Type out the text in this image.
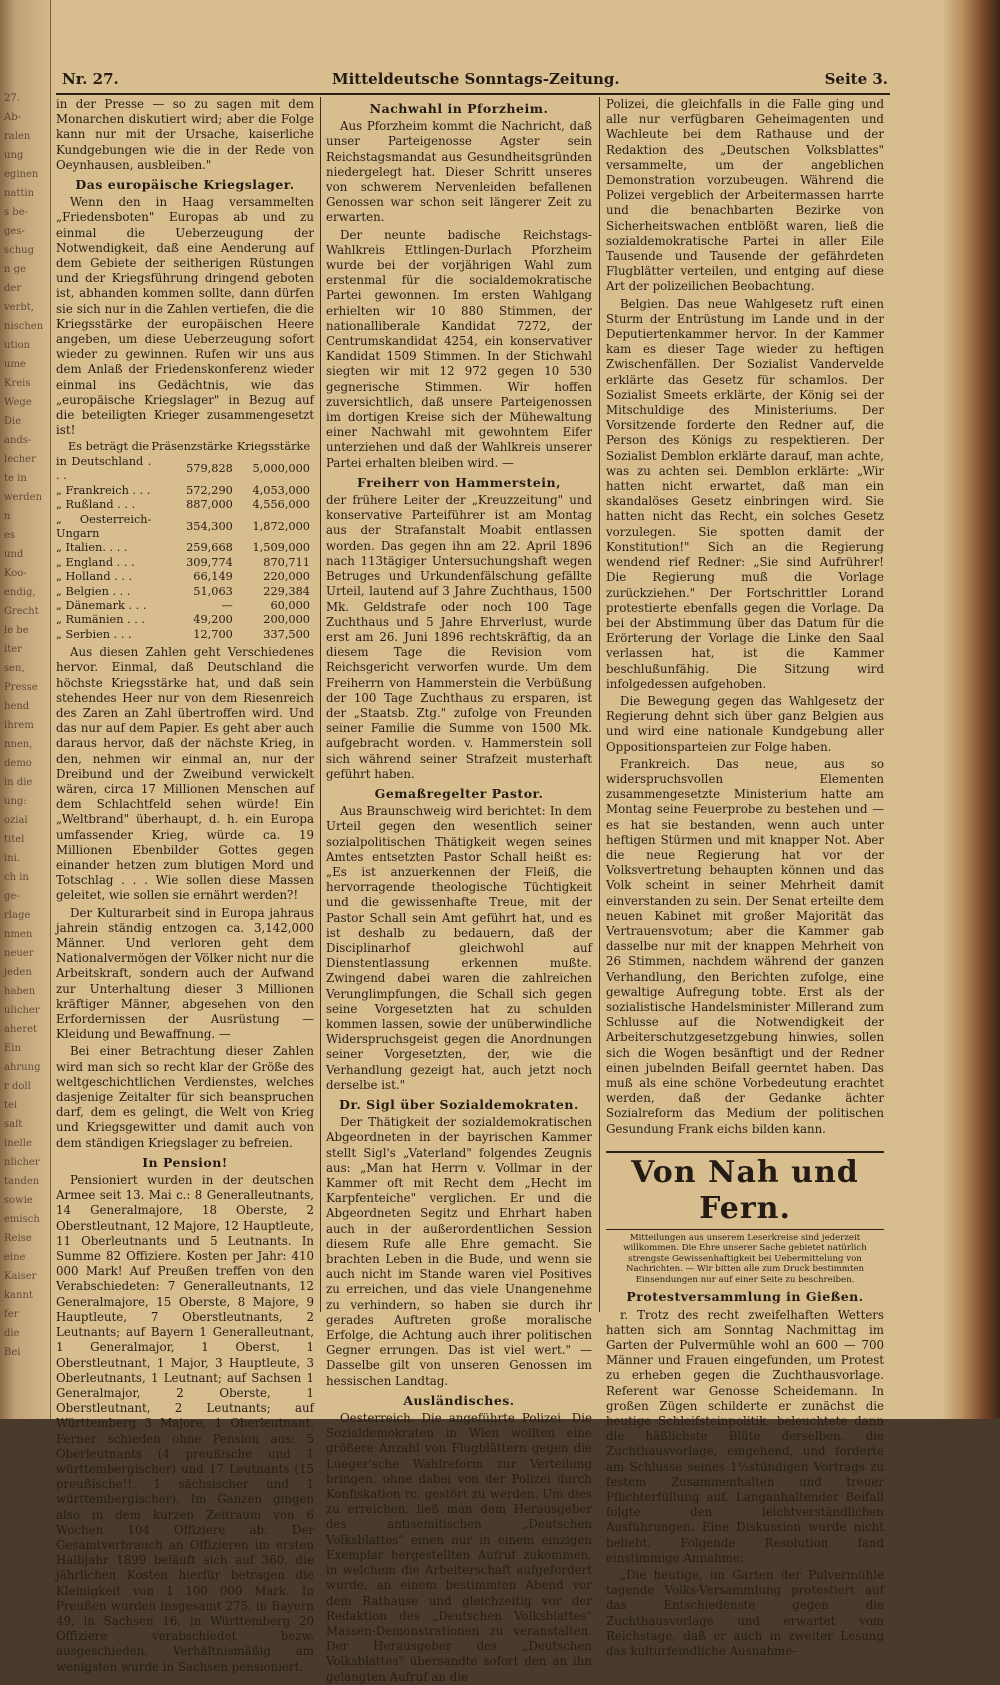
27.
Ab-
ralen
ung
eginen
nattin
s be-
ges-
schug
n ge
der
verbt,
nischen
ution
ume
Kreis
Wege
Die
ands-
lecher
te in
werden
n
es
und
Koo-
endig,
Grecht
le be
iter
sen,
Presse
hend
ihrem
nnen,
demo
in die
ung:
ozial
titel
ini.
ch in
ge-
rlage
nmen
neuer
jeden
haben
ulicher
aheret
Ein
ahrung
r doll
tei
salt
inelle
nlicher
tanden
sowie
emisch
Reise
eine
Kaiser
kannt
fer
die
Bei
Nr. 27.	Mitteldeutsche Sonntags-Zeitung.	Seite 3.

in der Presse — so zu sagen mit dem Monarchen diskutiert wird; aber die Folge kann nur mit der Ursache, kaiserliche Kundgebungen wie die in der Rede von Oeynhausen, ausbleiben."

Das europäische Kriegslager.

Wenn den in Haag versammelten „Friedensboten" Europas ab und zu einmal die Ueberzeugung der Notwendigkeit, daß eine Aenderung auf dem Gebiete der seitherigen Rüstungen und der Kriegsführung dringend geboten ist, abhanden kommen sollte, dann dürfen sie sich nur in die Zahlen vertiefen, die die Kriegsstärke der europäischen Heere angeben, um diese Ueberzeugung sofort wieder zu gewinnen. Rufen wir uns aus dem Anlaß der Friedenskonferenz wieder einmal ins Gedächtnis, wie das „europäische Kriegslager" in Bezug auf die beteiligten Krieger zusammengesetzt ist!

Es beträgt die	Präsenzstärke	Kriegsstärke
in Deutschland . . .	579,828	5,000,000
„ Frankreich . . .	572,290	4,053,000
„ Rußland . . .	887,000	4,556,000
„ Oesterreich-Ungarn	354,300	1,872,000
„ Italien. . . .	259,668	1,509,000
„ England . . .	309,774	870,711
„ Holland . . .	66,149	220,000
„ Belgien . . .	51,063	229,384
„ Dänemark . . .	—	60,000
„ Rumänien . . .	49,200	200,000
„ Serbien . . .	12,700	337,500

Aus diesen Zahlen geht Verschiedenes hervor. Einmal, daß Deutschland die höchste Kriegsstärke hat, und daß sein stehendes Heer nur von dem Riesenreich des Zaren an Zahl übertroffen wird. Und das nur auf dem Papier. Es geht aber auch daraus hervor, daß der nächste Krieg, in den, nehmen wir einmal an, nur der Dreibund und der Zweibund verwickelt wären, circa 17 Millionen Menschen auf dem Schlachtfeld sehen würde! Ein „Weltbrand" überhaupt, d. h. ein Europa umfassender Krieg, würde ca. 19 Millionen Ebenbilder Gottes gegen einander hetzen zum blutigen Mord und Totschlag . . . Wie sollen diese Massen geleitet, wie sollen sie ernährt werden?!

Der Kulturarbeit sind in Europa jahraus jahrein ständig entzogen ca. 3,142,000 Männer. Und verloren geht dem Nationalvermögen der Völker nicht nur die Arbeitskraft, sondern auch der Aufwand zur Unterhaltung dieser 3 Millionen kräftiger Männer, abgesehen von den Erfordernissen der Ausrüstung — Kleidung und Bewaffnung. —

Bei einer Betrachtung dieser Zahlen wird man sich so recht klar der Größe des weltgeschichtlichen Verdienstes, welches dasjenige Zeitalter für sich beanspruchen darf, dem es gelingt, die Welt von Krieg und Kriegsgewitter und damit auch von dem ständigen Kriegslager zu befreien.

In Pension!

Pensioniert wurden in der deutschen Armee seit 13. Mai c.: 8 Generalleutnants, 14 Generalmajore, 18 Oberste, 2 Oberstleutnant, 12 Majore, 12 Hauptleute, 11 Oberleutnants und 5 Leutnants. In Summe 82 Offiziere. Kosten per Jahr: 410 000 Mark! Auf Preußen treffen von den Verabschiedeten: 7 Generalleutnants, 12 Generalmajore, 15 Oberste, 8 Majore, 9 Hauptleute, 7 Oberstleutnants, 2 Leutnants; auf Bayern 1 Generalleutnant, 1 Generalmajor, 1 Oberst, 1 Oberstleutnant, 1 Major, 3 Hauptleute, 3 Oberleutnants, 1 Leutnant; auf Sachsen 1 Generalmajor, 2 Oberste, 1 Oberstleutnant, 2 Leutnants; auf Württemberg 3 Majore, 1 Oberleutnant. Ferner schieden ohne Pension aus: 5 Oberleutnants (4 preußische und 1 württembergischer) und 17 Leutnants (15 preußische!!, 1 sächsischer und 1 württembergischer). Im Ganzen gingen also in dem kurzen Zeitraum von 6 Wochen 104 Offiziere ab. Der Gesamtverbrauch an Offizieren im ersten Halbjahr 1899 beläuft sich auf 360, die jährlichen Kosten hierfür betragen die Kleinigkeit von 1 100 000 Mark. In Preußen wurden insgesamt 275, in Bayern 49, in Sachsen 16, in Württemberg 20 Offiziere verabschiedet bezw. ausgeschieden. Verhältnismäßig am wenigsten wurde in Sachsen pensioniert.

Nachwahl in Pforzheim.

Aus Pforzheim kommt die Nachricht, daß unser Parteigenosse Agster sein Reichstagsmandat aus Gesundheitsgründen niedergelegt hat. Dieser Schritt unseres von schwerem Nervenleiden befallenen Genossen war schon seit längerer Zeit zu erwarten.

Der neunte badische Reichstags-Wahlkreis Ettlingen-Durlach Pforzheim wurde bei der vorjährigen Wahl zum erstenmal für die socialdemokratische Partei gewonnen. Im ersten Wahlgang erhielten wir 10 880 Stimmen, der nationalliberale Kandidat 7272, der Centrumskandidat 4254, ein konservativer Kandidat 1509 Stimmen. In der Stichwahl siegten wir mit 12 972 gegen 10 530 gegnerische Stimmen. Wir hoffen zuversichtlich, daß unsere Parteigenossen im dortigen Kreise sich der Mühewaltung einer Nachwahl mit gewohntem Eifer unterziehen und daß der Wahlkreis unserer Partei erhalten bleiben wird. —

Freiherr von Hammerstein,

der frühere Leiter der „Kreuzzeitung" und konservative Parteiführer ist am Montag aus der Strafanstalt Moabit entlassen worden. Das gegen ihn am 22. April 1896 nach 113tägiger Untersuchungshaft wegen Betruges und Urkundenfälschung gefällte Urteil, lautend auf 3 Jahre Zuchthaus, 1500 Mk. Geldstrafe oder noch 100 Tage Zuchthaus und 5 Jahre Ehrverlust, wurde erst am 26. Juni 1896 rechtskräftig, da an diesem Tage die Revision vom Reichsgericht verworfen wurde. Um dem Freiherrn von Hammerstein die Verbüßung der 100 Tage Zuchthaus zu ersparen, ist der „Staatsb. Ztg." zufolge von Freunden seiner Familie die Summe von 1500 Mk. aufgebracht worden. v. Hammerstein soll sich während seiner Strafzeit musterhaft geführt haben.

Gemaßregelter Pastor.

Aus Braunschweig wird berichtet: In dem Urteil gegen den wesentlich seiner sozialpolitischen Thätigkeit wegen seines Amtes entsetzten Pastor Schall heißt es: „Es ist anzuerkennen der Fleiß, die hervorragende theologische Tüchtigkeit und die gewissenhafte Treue, mit der Pastor Schall sein Amt geführt hat, und es ist deshalb zu bedauern, daß der Disciplinarhof gleichwohl auf Dienstentlassung erkennen mußte. Zwingend dabei waren die zahlreichen Verunglimpfungen, die Schall sich gegen seine Vorgesetzten hat zu schulden kommen lassen, sowie der unüberwindliche Widerspruchsgeist gegen die Anordnungen seiner Vorgesetzten, der, wie die Verhandlung gezeigt hat, auch jetzt noch derselbe ist."

Dr. Sigl über Sozialdemokraten.

Der Thätigkeit der sozialdemokratischen Abgeordneten in der bayrischen Kammer stellt Sigl's „Vaterland" folgendes Zeugnis aus: „Man hat Herrn v. Vollmar in der Kammer oft mit Recht dem „Hecht im Karpfenteiche" verglichen. Er und die Abgeordneten Segitz und Ehrhart haben auch in der außerordentlichen Session diesem Rufe alle Ehre gemacht. Sie brachten Leben in die Bude, und wenn sie auch nicht im Stande waren viel Positives zu erreichen, und das viele Unangenehme zu verhindern, so haben sie durch ihr gerades Auftreten große moralische Erfolge, die Achtung auch ihrer politischen Gegner errungen. Das ist viel wert." — Dasselbe gilt von unseren Genossen im hessischen Landtag.

Ausländisches.

Oesterreich. Die angeführte Polizei. Die Sozialdemokraten in Wien wollten eine größere Anzahl von Flugblättern gegen die Lueger'sche Wahlreform zur Verteilung bringen, ohne dabei von der Polizei durch Konfiskation rc. gestört zu werden. Um dies zu erreichen, ließ man dem Herausgeber des antisemitischen „Deutschen Volksblattes" einen nur in einem einzigen Exemplar hergestellten Aufruf zukommen, in welchem die Arbeiterschaft aufgefordert wurde, an einem bestimmten Abend vor dem Rathause und gleichzeitig vor der Redaktion des „Deutschen Volksblattes" Massen-Demonstrationen zu veranstalten. Der Herausgeber des „Deutschen Volksblattes" übersandte sofort den an ihn gelangten Aufruf an die

Polizei, die gleichfalls in die Falle ging und alle nur verfügbaren Geheimagenten und Wachleute bei dem Rathause und der Redaktion des „Deutschen Volksblattes" versammelte, um der angeblichen Demonstration vorzubeugen. Während die Polizei vergeblich der Arbeitermassen harrte und die benachbarten Bezirke von Sicherheitswachen entblößt waren, ließ die sozialdemokratische Partei in aller Eile Tausende und Tausende der gefährdeten Flugblätter verteilen, und entging auf diese Art der polizeilichen Beobachtung.

Belgien. Das neue Wahlgesetz ruft einen Sturm der Entrüstung im Lande und in der Deputiertenkammer hervor. In der Kammer kam es dieser Tage wieder zu heftigen Zwischenfällen. Der Sozialist Vandervelde erklärte das Gesetz für schamlos. Der Sozialist Smeets erklärte, der König sei der Mitschuldige des Ministeriums. Der Vorsitzende forderte den Redner auf, die Person des Königs zu respektieren. Der Sozialist Demblon erklärte darauf, man achte, was zu achten sei. Demblon erklärte: „Wir hatten nicht erwartet, daß man ein skandalöses Gesetz einbringen wird. Sie hatten nicht das Recht, ein solches Gesetz vorzulegen. Sie spotten damit der Konstitution!" Sich an die Regierung wendend rief Redner: „Sie sind Aufrührer! Die Regierung muß die Vorlage zurückziehen." Der Fortschrittler Lorand protestierte ebenfalls gegen die Vorlage. Da bei der Abstimmung über das Datum für die Erörterung der Vorlage die Linke den Saal verlassen hat, ist die Kammer beschlußunfähig. Die Sitzung wird infolgedessen aufgehoben.

Die Bewegung gegen das Wahlgesetz der Regierung dehnt sich über ganz Belgien aus und wird eine nationale Kundgebung aller Oppositionsparteien zur Folge haben.

Frankreich. Das neue, aus so widerspruchsvollen Elementen zusammengesetzte Ministerium hatte am Montag seine Feuerprobe zu bestehen und — es hat sie bestanden, wenn auch unter heftigen Stürmen und mit knapper Not. Aber die neue Regierung hat vor der Volksvertretung behaupten können und das Volk scheint in seiner Mehrheit damit einverstanden zu sein. Der Senat erteilte dem neuen Kabinet mit großer Majorität das Vertrauensvotum; aber die Kammer gab dasselbe nur mit der knappen Mehrheit von 26 Stimmen, nachdem während der ganzen Verhandlung, den Berichten zufolge, eine gewaltige Aufregung tobte. Erst als der sozialistische Handelsminister Millerand zum Schlusse auf die Notwendigkeit der Arbeiterschutzgesetzgebung hinwies, sollen sich die Wogen besänftigt und der Redner einen jubelnden Beifall geerntet haben. Das muß als eine schöne Vorbedeutung erachtet werden, daß der Gedanke ächter Sozialreform das Medium der politischen Gesundung Frank eichs bilden kann.

Von Nah und Fern.
Mitteilungen aus unserem Leserkreise sind jederzeit willkommen. Die Ehre unserer Sache gebietet natürlich strengste Gewissenhaftigkeit bei Uebermittelung von Nachrichten. — Wir bitten alle zum Druck bestimmten Einsendungen nur auf einer Seite zu beschreiben.
Protestversammlung in Gießen.

r. Trotz des recht zweifelhaften Wetters hatten sich am Sonntag Nachmittag im Garten der Pulvermühle wohl an 600 — 700 Männer und Frauen eingefunden, um Protest zu erheben gegen die Zuchthausvorlage. Referent war Genosse Scheidemann. In großen Zügen schilderte er zunächst die heutige Schleifsteinpolitik, beleuchtete dann die häßlichste Blüte derselben, die Zuchthausvorlage, eingehend, und forderte am Schlusse seines 1½stündigen Vortrags zu festem Zusammenhalten und treuer Pflichterfüllung auf. Langanhaltender Beifall folgte den leichtverständlichen Ausführungen. Eine Diskussion wurde nicht beliebt. Folgende Resolution fand einstimmige Annahme:

„Die heutige, im Garten der Pulvermühle tagende Volks-Versammlung protestiert auf das Entschiedenste gegen die Zuchthausvorlage und erwartet vom Reichstage, daß er auch in zweiter Lesung das kulturfeindliche Ausnahme-
